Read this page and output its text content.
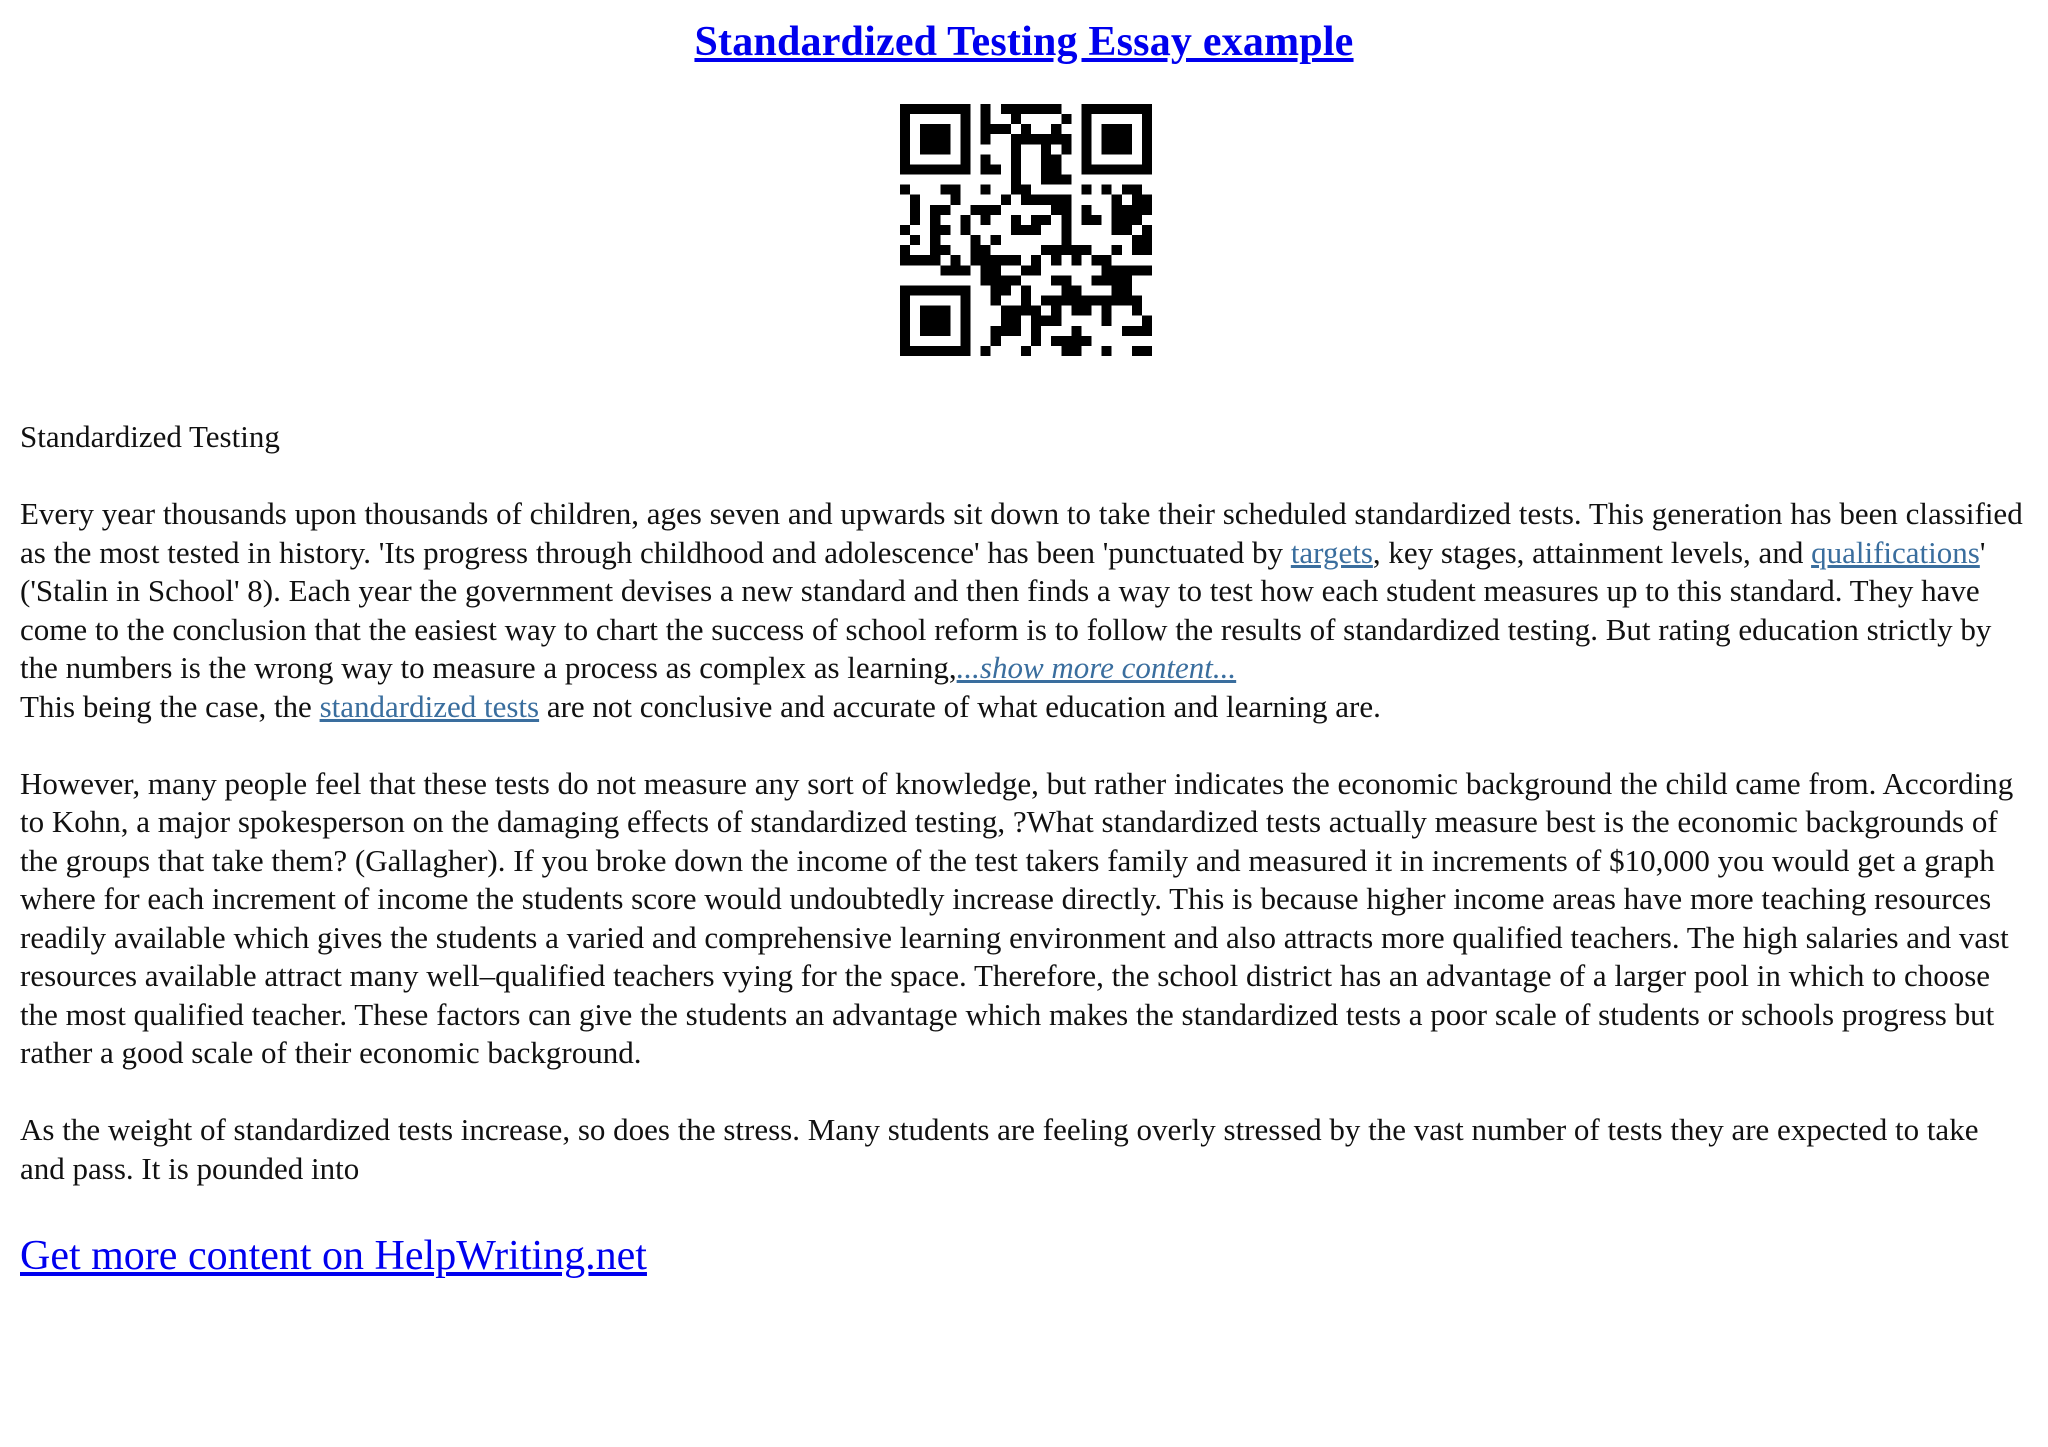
Standardized Testing Essay example

Standardized Testing

Every year thousands upon thousands of children, ages seven and upwards sit down to take their scheduled standardized tests. This generation has been classified as the most tested in history. 'Its progress through childhood and adolescence' has been 'punctuated by targets, key stages, attainment levels, and qualifications' ('Stalin in School' 8). Each year the government devises a new standard and then finds a way to test how each student measures up to this standard. They have come to the conclusion that the easiest way to chart the success of school reform is to follow the results of standardized testing. But rating education strictly by the numbers is the wrong way to measure a process as complex as learning,...show more content...

This being the case, the standardized tests are not conclusive and accurate of what education and learning are.

However, many people feel that these tests do not measure any sort of knowledge, but rather indicates the economic background the child came from. According to Kohn, a major spokesperson on the damaging effects of standardized testing, ?What standardized tests actually measure best is the economic backgrounds of the groups that take them? (Gallagher). If you broke down the income of the test takers family and measured it in increments of $10,000 you would get a graph where for each increment of income the students score would undoubtedly increase directly. This is because higher income areas have more teaching resources readily available which gives the students a varied and comprehensive learning environment and also attracts more qualified teachers. The high salaries and vast resources available attract many well–qualified teachers vying for the space. Therefore, the school district has an advantage of a larger pool in which to choose the most qualified teacher. These factors can give the students an advantage which makes the standardized tests a poor scale of students or schools progress but rather a good scale of their economic background.

As the weight of standardized tests increase, so does the stress. Many students are feeling overly stressed by the vast number of tests they are expected to take and pass. It is pounded into

Get more content on HelpWriting.net
